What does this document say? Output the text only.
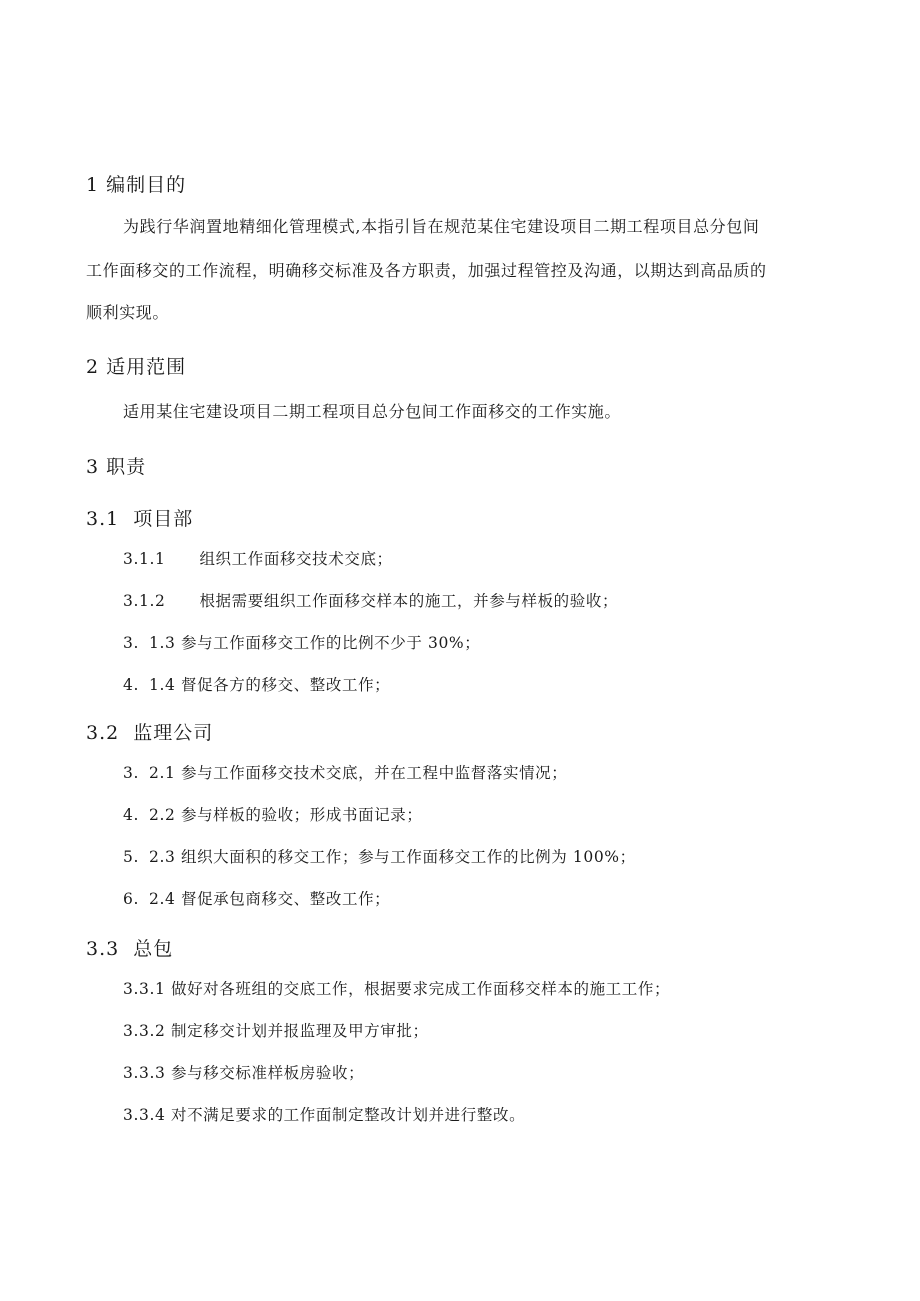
1 编制目的
为践行华润置地精细化管理模式,本指引旨在规范某住宅建设项目二期工程项目总分包间
工作面移交的工作流程，明确移交标准及各方职责，加强过程管控及沟通，以期达到高品质的
顺利实现。
2 适用范围
适用某住宅建设项目二期工程项目总分包间工作面移交的工作实施。
3 职责
3.1 项目部
3.1.1 组织工作面移交技术交底；
3.1.2 根据需要组织工作面移交样本的施工，并参与样板的验收；
3. 1.3 参与工作面移交工作的比例不少于 30%；
4. 1.4 督促各方的移交、整改工作；
3.2 监理公司
3. 2.1 参与工作面移交技术交底，并在工程中监督落实情况；
4. 2.2 参与样板的验收；形成书面记录；
5. 2.3 组织大面积的移交工作；参与工作面移交工作的比例为 100%；
6. 2.4 督促承包商移交、整改工作；
3.3 总包
3.3.1 做好对各班组的交底工作，根据要求完成工作面移交样本的施工工作；
3.3.2 制定移交计划并报监理及甲方审批；
3.3.3 参与移交标准样板房验收；
3.3.4 对不满足要求的工作面制定整改计划并进行整改。
